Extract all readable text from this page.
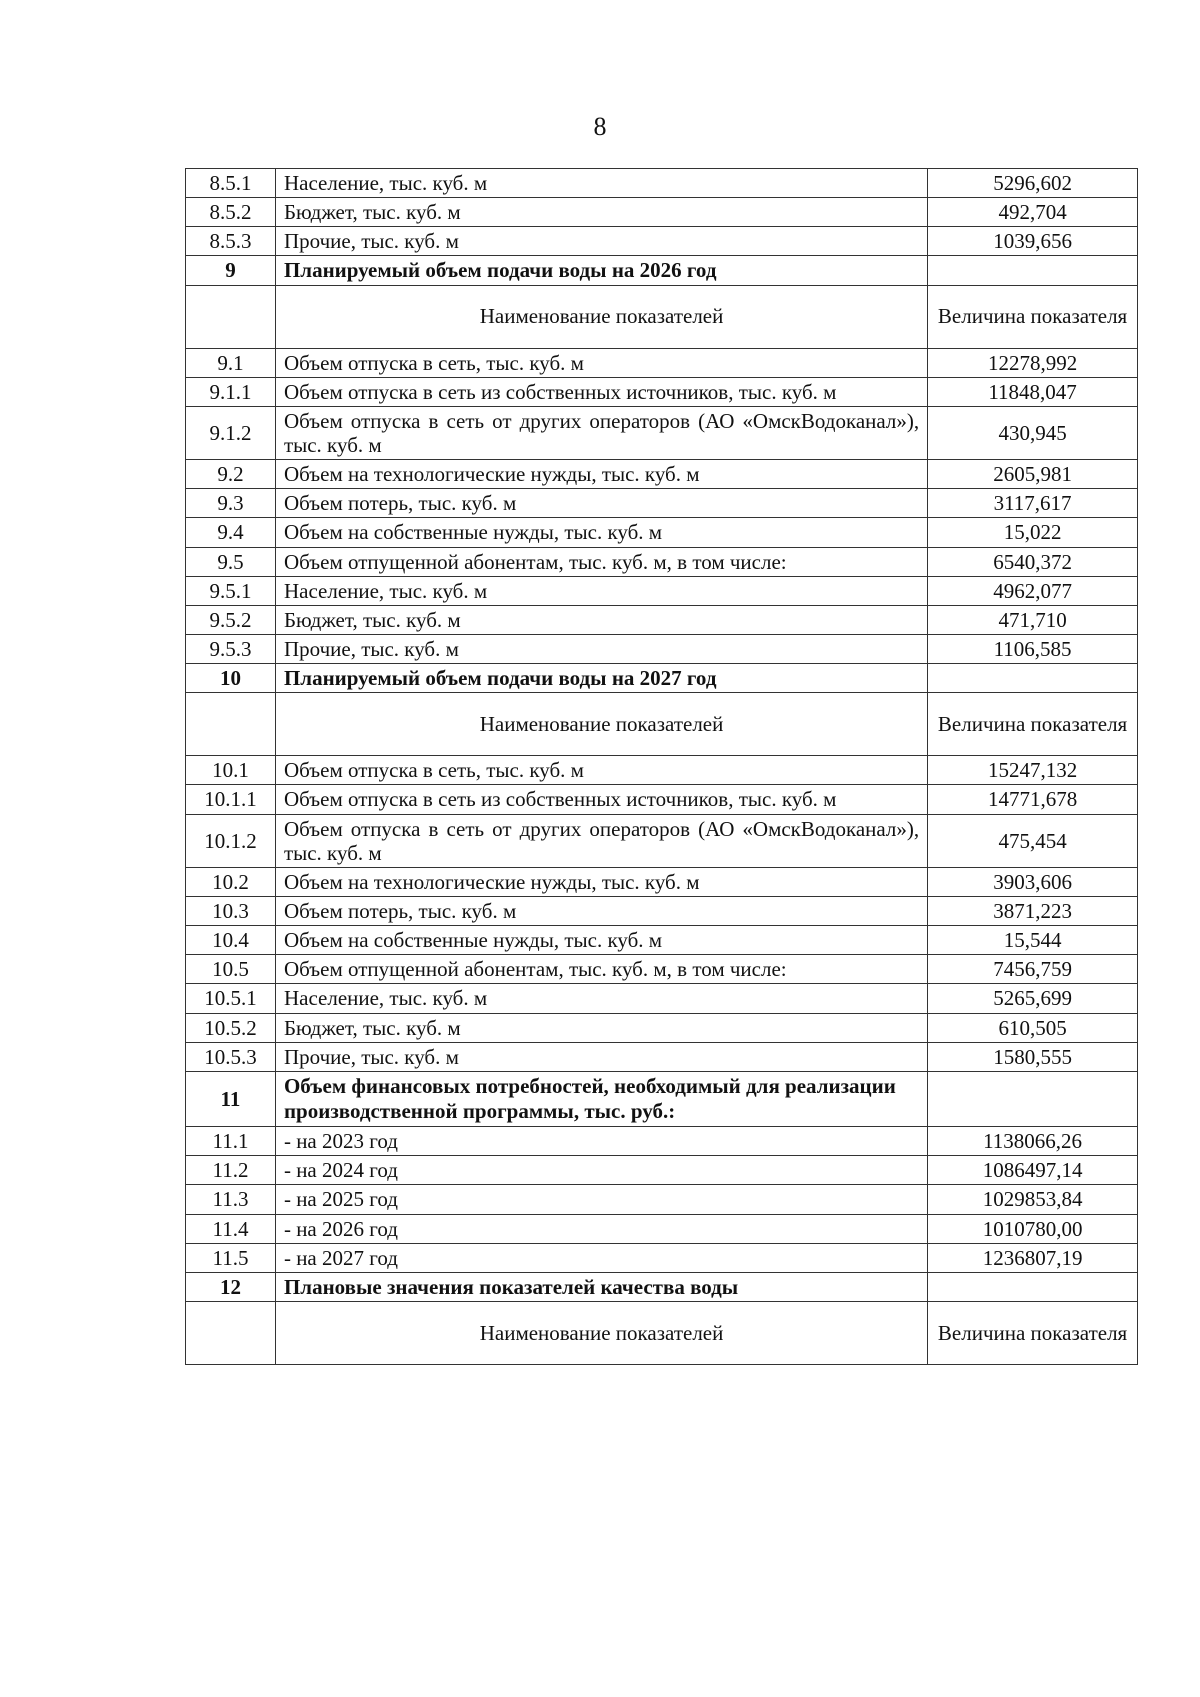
8
8.5.1	Население, тыс. куб. м	5296,602
8.5.2	Бюджет, тыс. куб. м	492,704
8.5.3	Прочие, тыс. куб. м	1039,656
9	Планируемый объем подачи воды на 2026 год	
	Наименование показателей	Величина показателя
9.1	Объем отпуска в сеть, тыс. куб. м	12278,992
9.1.1	Объем отпуска в сеть из собственных источников, тыс. куб. м	11848,047
9.1.2	Объем отпуска в сеть от других операторов (АО «ОмскВодоканал»), тыс. куб. м	430,945
9.2	Объем на технологические нужды, тыс. куб. м	2605,981
9.3	Объем потерь, тыс. куб. м	3117,617
9.4	Объем на собственные нужды, тыс. куб. м	15,022
9.5	Объем отпущенной абонентам, тыс. куб. м, в том числе:	6540,372
9.5.1	Население, тыс. куб. м	4962,077
9.5.2	Бюджет, тыс. куб. м	471,710
9.5.3	Прочие, тыс. куб. м	1106,585
10	Планируемый объем подачи воды на 2027 год	
	Наименование показателей	Величина показателя
10.1	Объем отпуска в сеть, тыс. куб. м	15247,132
10.1.1	Объем отпуска в сеть из собственных источников, тыс. куб. м	14771,678
10.1.2	Объем отпуска в сеть от других операторов (АО «ОмскВодоканал»), тыс. куб. м	475,454
10.2	Объем на технологические нужды, тыс. куб. м	3903,606
10.3	Объем потерь, тыс. куб. м	3871,223
10.4	Объем на собственные нужды, тыс. куб. м	15,544
10.5	Объем отпущенной абонентам, тыс. куб. м, в том числе:	7456,759
10.5.1	Население, тыс. куб. м	5265,699
10.5.2	Бюджет, тыс. куб. м	610,505
10.5.3	Прочие, тыс. куб. м	1580,555
11	Объем финансовых потребностей, необходимый для реализации производственной программы, тыс. руб.:	
11.1	- на 2023 год	1138066,26
11.2	- на 2024 год	1086497,14
11.3	- на 2025 год	1029853,84
11.4	- на 2026 год	1010780,00
11.5	- на 2027 год	1236807,19
12	Плановые значения показателей качества воды	
	Наименование показателей	Величина показателя
